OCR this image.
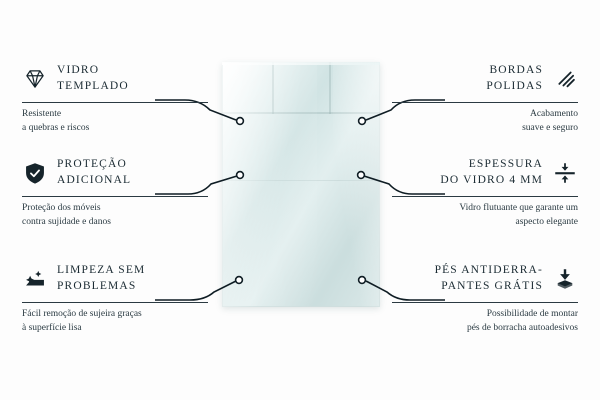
VIDRO
TEMPLADO
Resistente
a quebras e riscos
PROTEÇÃO
ADICIONAL
Proteção dos móveis
contra sujidade e danos
LIMPEZA SEM
PROBLEMAS
Fácil remoção de sujeira graças
à superfície lisa
BORDAS
POLIDAS
Acabamento
suave e seguro
ESPESSURA
DO VIDRO 4 MM
Vidro flutuante que garante um
aspecto elegante
PÉS ANTIDERRA-
PANTES GRÁTIS
Possibilidade de montar
pés de borracha autoadesivos
